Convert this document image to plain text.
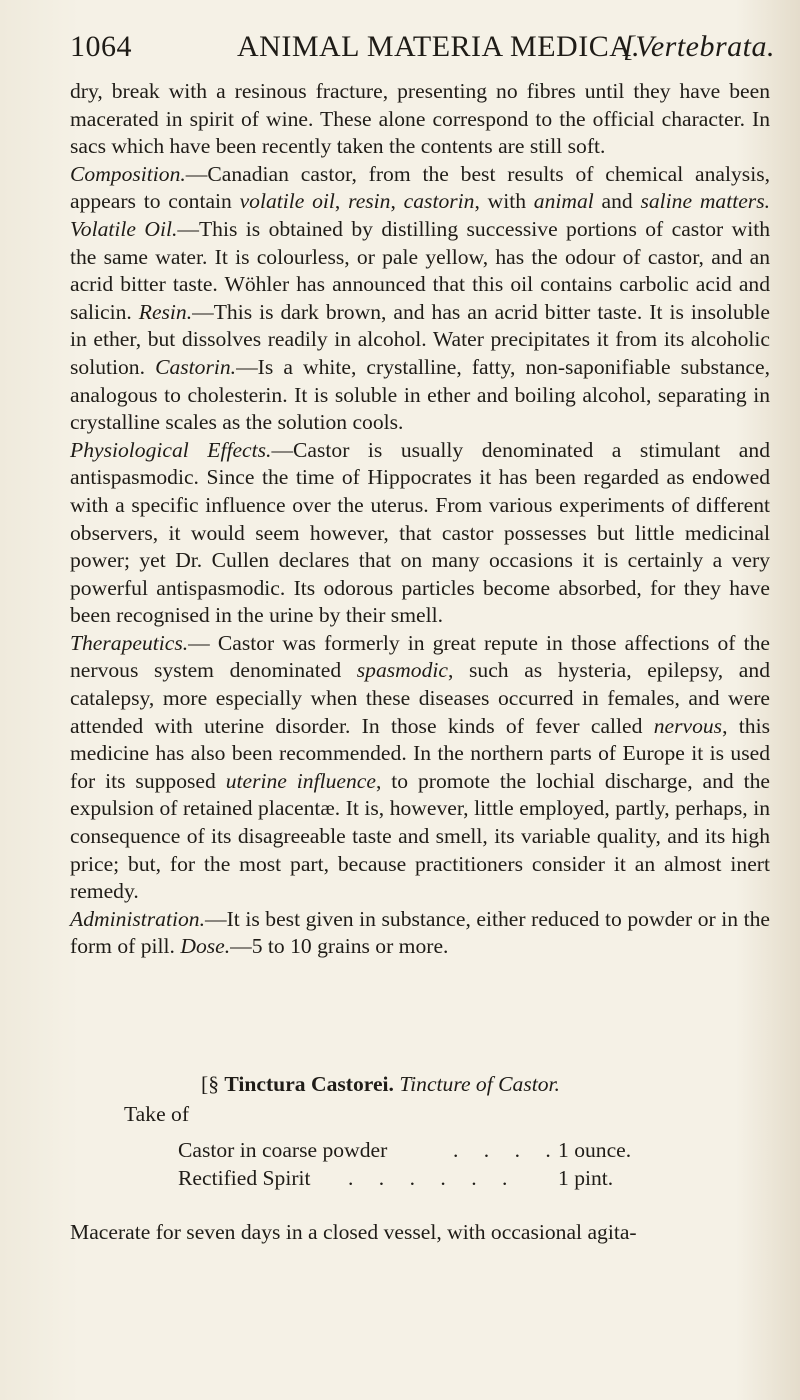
1064	ANIMAL MATERIA MEDICA.
[Vertebrata.

dry, break with a resinous fracture, presenting no fibres until they have been macerated in spirit of wine. These alone correspond to the official character. In sacs which have been recently taken the contents are still soft.

Composition.—Canadian castor, from the best results of chemical analysis, appears to contain volatile oil, resin, castorin, with animal and saline matters. Volatile Oil.—This is obtained by distilling successive portions of castor with the same water. It is colourless, or pale yellow, has the odour of castor, and an acrid bitter taste. Wöhler has announced that this oil contains carbolic acid and salicin. Resin.—This is dark brown, and has an acrid bitter taste. It is insoluble in ether, but dissolves readily in alcohol. Water precipitates it from its alcoholic solution. Castorin.—Is a white, crystalline, fatty, non-saponifiable substance, analogous to cholesterin. It is soluble in ether and boiling alcohol, separating in crystalline scales as the solution cools.

Physiological Effects.—Castor is usually denominated a stimulant and antispasmodic. Since the time of Hippocrates it has been regarded as endowed with a specific influence over the uterus. From various experiments of different observers, it would seem however, that castor possesses but little medicinal power; yet Dr. Cullen declares that on many occasions it is certainly a very powerful antispasmodic. Its odorous particles become absorbed, for they have been recognised in the urine by their smell.

Therapeutics.— Castor was formerly in great repute in those affections of the nervous system denominated spasmodic, such as hysteria, epilepsy, and catalepsy, more especially when these diseases occurred in females, and were attended with uterine disorder. In those kinds of fever called nervous, this medicine has also been recommended. In the northern parts of Europe it is used for its supposed uterine influence, to promote the lochial discharge, and the expulsion of retained placentæ. It is, however, little employed, partly, perhaps, in consequence of its disagreeable taste and smell, its variable quality, and its high price; but, for the most part, because practitioners consider it an almost inert remedy.

Administration.—It is best given in substance, either reduced to powder or in the form of pill. Dose.—5 to 10 grains or more.

[§ Tinctura Castorei. Tincture of Castor.
Take of
Castor in coarse powder	. . . .
1 ounce.
Rectified Spirit . . . . . . 1 pint.
Macerate for seven days in a closed vessel, with occasional agita-
